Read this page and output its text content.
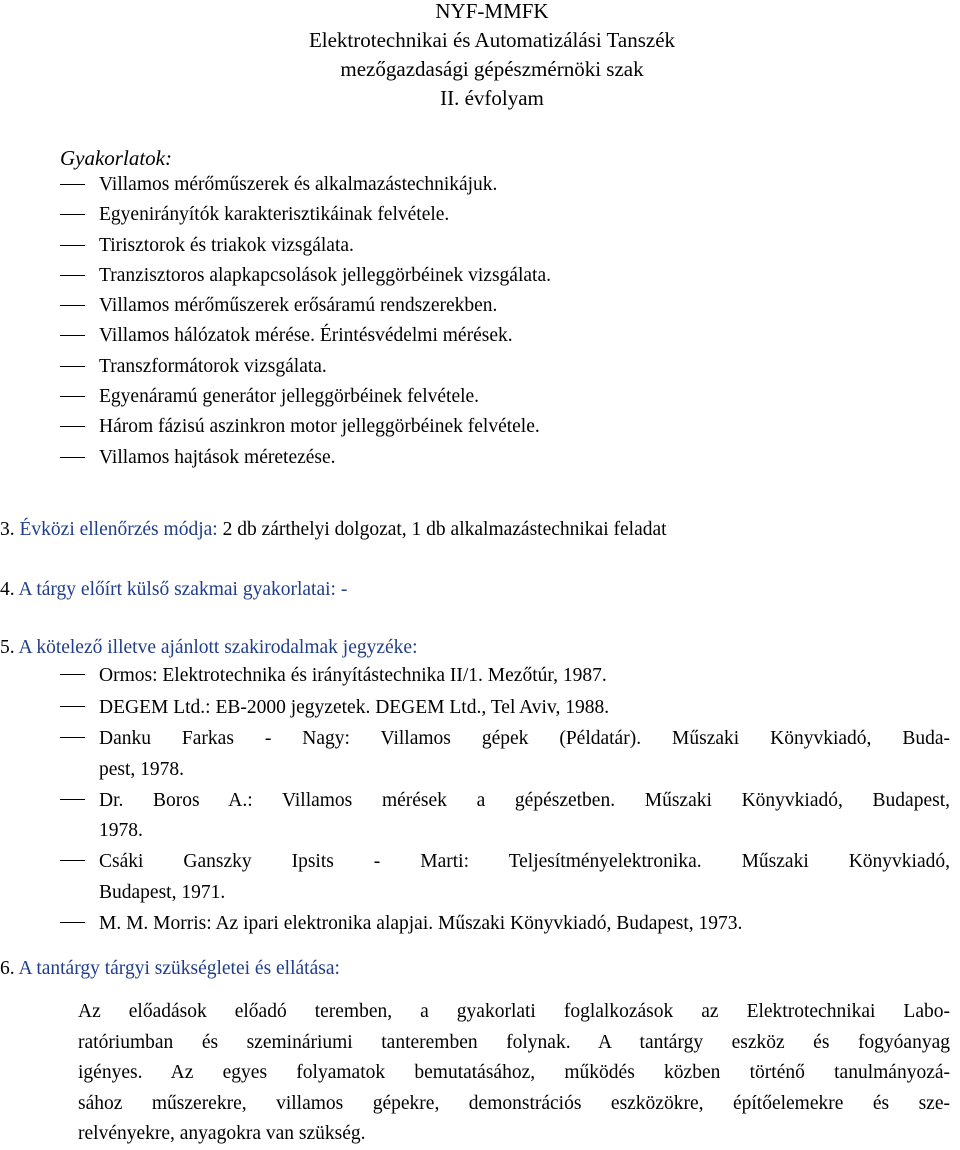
NYF-MMFK
Elektrotechnikai és Automatizálási Tanszék
mezőgazdasági gépészmérnöki szak
II. évfolyam
Gyakorlatok:
Villamos mérőműszerek és alkalmazástechnikájuk.
Egyenirányítók karakterisztikáinak felvétele.
Tirisztorok és triakok vizsgálata.
Tranzisztoros alapkapcsolások jelleggörbéinek vizsgálata.
Villamos mérőműszerek erősáramú rendszerekben.
Villamos hálózatok mérése. Érintésvédelmi mérések.
Transzformátorok vizsgálata.
Egyenáramú generátor jelleggörbéinek felvétele.
Három fázisú aszinkron motor jelleggörbéinek felvétele.
Villamos hajtások méretezése.
3. Évközi ellenőrzés módja: 2 db zárthelyi dolgozat, 1 db alkalmazástechnikai feladat
4. A tárgy előírt külső szakmai gyakorlatai: -
5. A kötelező illetve ajánlott szakirodalmak jegyzéke:
Ormos: Elektrotechnika és irányítástechnika II/1. Mezőtúr, 1987.
DEGEM Ltd.: EB-2000 jegyzetek. DEGEM Ltd., Tel Aviv, 1988.
Danku Farkas - Nagy: Villamos gépek (Példatár). Műszaki Könyvkiadó, Buda-
pest, 1978.
Dr. Boros A.: Villamos mérések a gépészetben. Műszaki Könyvkiadó, Budapest,
1978.
Csáki Ganszky Ipsits - Marti: Teljesítményelektronika. Műszaki Könyvkiadó,
Budapest, 1971.
M. M. Morris: Az ipari elektronika alapjai. Műszaki Könyvkiadó, Budapest, 1973.
6. A tantárgy tárgyi szükségletei és ellátása:
Az előadások előadó teremben, a gyakorlati foglalkozások az Elektrotechnikai Labo-
ratóriumban és szemináriumi tanteremben folynak. A tantárgy eszköz és fogyóanyag
igényes. Az egyes folyamatok bemutatásához, működés közben történő tanulmányozá-
sához műszerekre, villamos gépekre, demonstrációs eszközökre, építőelemekre és sze-
relvényekre, anyagokra van szükség.
